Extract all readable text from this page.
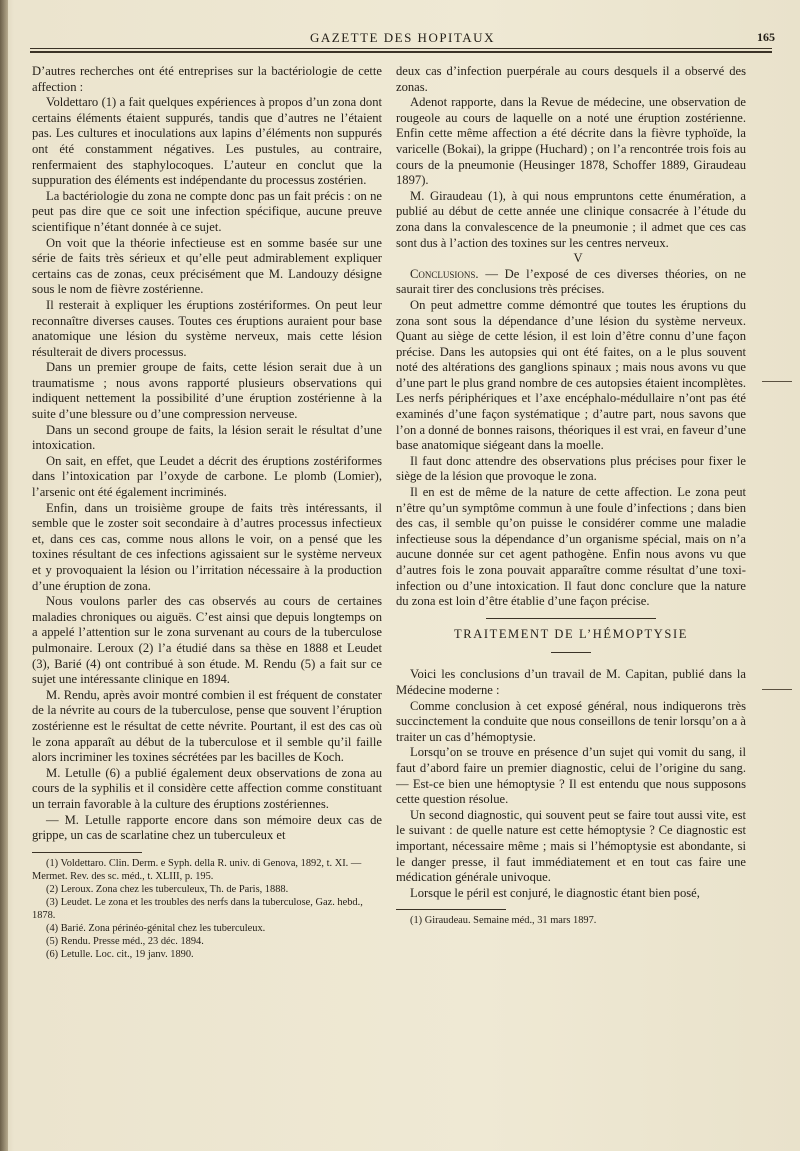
GAZETTE DES HOPITAUX	165

D’autres recherches ont été entreprises sur la bactériologie de cette affection :

Voldettaro (1) a fait quelques expériences à propos d’un zona dont certains éléments étaient suppurés, tandis que d’autres ne l’étaient pas. Les cultures et inoculations aux lapins d’éléments non suppurés ont été constamment négatives. Les pustules, au contraire, renfermaient des staphylocoques. L’auteur en conclut que la suppuration des éléments est indépendante du processus zostérien.

La bactériologie du zona ne compte donc pas un fait précis : on ne peut pas dire que ce soit une infection spécifique, aucune preuve scientifique n’étant donnée à ce sujet.

On voit que la théorie infectieuse est en somme basée sur une série de faits très sérieux et qu’elle peut admirablement expliquer certains cas de zonas, ceux précisément que M. Landouzy désigne sous le nom de fièvre zostérienne.

Il resterait à expliquer les éruptions zostériformes. On peut leur reconnaître diverses causes. Toutes ces éruptions auraient pour base anatomique une lésion du système nerveux, mais cette lésion résulterait de divers processus.

Dans un premier groupe de faits, cette lésion serait due à un traumatisme ; nous avons rapporté plusieurs observations qui indiquent nettement la possibilité d’une éruption zostérienne à la suite d’une blessure ou d’une compression nerveuse.

Dans un second groupe de faits, la lésion serait le résultat d’une intoxication.

On sait, en effet, que Leudet a décrit des éruptions zostériformes dans l’intoxication par l’oxyde de carbone. Le plomb (Lomier), l’arsenic ont été également incriminés.

Enfin, dans un troisième groupe de faits très intéressants, il semble que le zoster soit secondaire à d’autres processus infectieux et, dans ces cas, comme nous allons le voir, on a pensé que les toxines résultant de ces infections agissaient sur le système nerveux et y provoquaient la lésion ou l’irritation nécessaire à la production d’une éruption de zona.

Nous voulons parler des cas observés au cours de certaines maladies chroniques ou aiguës. C’est ainsi que depuis longtemps on a appelé l’attention sur le zona survenant au cours de la tuberculose pulmonaire. Leroux (2) l’a étudié dans sa thèse en 1888 et Leudet (3), Barié (4) ont contribué à son étude. M. Rendu (5) a fait sur ce sujet une intéressante clinique en 1894.

M. Rendu, après avoir montré combien il est fréquent de constater de la névrite au cours de la tuberculose, pense que souvent l’éruption zostérienne est le résultat de cette névrite. Pourtant, il est des cas où le zona apparaît au début de la tuberculose et il semble qu’il faille alors incriminer les toxines sécrétées par les bacilles de Koch.

M. Letulle (6) a publié également deux observations de zona au cours de la syphilis et il considère cette affection comme constituant un terrain favorable à la culture des éruptions zostériennes.

— M. Letulle rapporte encore dans son mémoire deux cas de grippe, un cas de scarlatine chez un tuberculeux et

(1) Voldettaro. Clin. Derm. e Syph. della R. univ. di Genova, 1892, t. XI. — Mermet. Rev. des sc. méd., t. XLIII, p. 195.

(2) Leroux. Zona chez les tuberculeux, Th. de Paris, 1888.

(3) Leudet. Le zona et les troubles des nerfs dans la tuberculose, Gaz. hebd., 1878.

(4) Barié. Zona périnéo-génital chez les tuberculeux.

(5) Rendu. Presse méd., 23 déc. 1894.

(6) Letulle. Loc. cit., 19 janv. 1890.

deux cas d’infection puerpérale au cours desquels il a observé des zonas.

Adenot rapporte, dans la Revue de médecine, une observation de rougeole au cours de laquelle on a noté une éruption zostérienne. Enfin cette même affection a été décrite dans la fièvre typhoïde, la varicelle (Bokai), la grippe (Huchard) ; on l’a rencontrée trois fois au cours de la pneumonie (Heusinger 1878, Schoffer 1889, Giraudeau 1897).

M. Giraudeau (1), à qui nous empruntons cette énumération, a publié au début de cette année une clinique consacrée à l’étude du zona dans la convalescence de la pneumonie ; il admet que ces cas sont dus à l’action des toxines sur les centres nerveux.

V

Conclusions. — De l’exposé de ces diverses théories, on ne saurait tirer des conclusions très précises.

On peut admettre comme démontré que toutes les éruptions du zona sont sous la dépendance d’une lésion du système nerveux. Quant au siège de cette lésion, il est loin d’être connu d’une façon précise. Dans les autopsies qui ont été faites, on a le plus souvent noté des altérations des ganglions spinaux ; mais nous avons vu que d’une part le plus grand nombre de ces autopsies étaient incomplètes. Les nerfs périphériques et l’axe encéphalo-médullaire n’ont pas été examinés d’une façon systématique ; d’autre part, nous savons que l’on a donné de bonnes raisons, théoriques il est vrai, en faveur d’une base anatomique siégeant dans la moelle.

Il faut donc attendre des observations plus précises pour fixer le siège de la lésion que provoque le zona.

Il en est de même de la nature de cette affection. Le zona peut n’être qu’un symptôme commun à une foule d’infections ; dans bien des cas, il semble qu’on puisse le considérer comme une maladie infectieuse sous la dépendance d’un organisme spécial, mais on n’a aucune donnée sur cet agent pathogène. Enfin nous avons vu que d’autres fois le zona pouvait apparaître comme résultat d’une toxi-infection ou d’une intoxication. Il faut donc conclure que la nature du zona est loin d’être établie d’une façon précise.

TRAITEMENT DE L’HÉMOPTYSIE

Voici les conclusions d’un travail de M. Capitan, publié dans la Médecine moderne :

Comme conclusion à cet exposé général, nous indiquerons très succinctement la conduite que nous conseillons de tenir lorsqu’on a à traiter un cas d’hémoptysie.

Lorsqu’on se trouve en présence d’un sujet qui vomit du sang, il faut d’abord faire un premier diagnostic, celui de l’origine du sang. — Est-ce bien une hémoptysie ? Il est entendu que nous supposons cette question résolue.

Un second diagnostic, qui souvent peut se faire tout aussi vite, est le suivant : de quelle nature est cette hémoptysie ? Ce diagnostic est important, nécessaire même ; mais si l’hémoptysie est abondante, si le danger presse, il faut immédiatement et en tout cas faire une médication générale univoque.

Lorsque le péril est conjuré, le diagnostic étant bien posé,

(1) Giraudeau. Semaine méd., 31 mars 1897.
